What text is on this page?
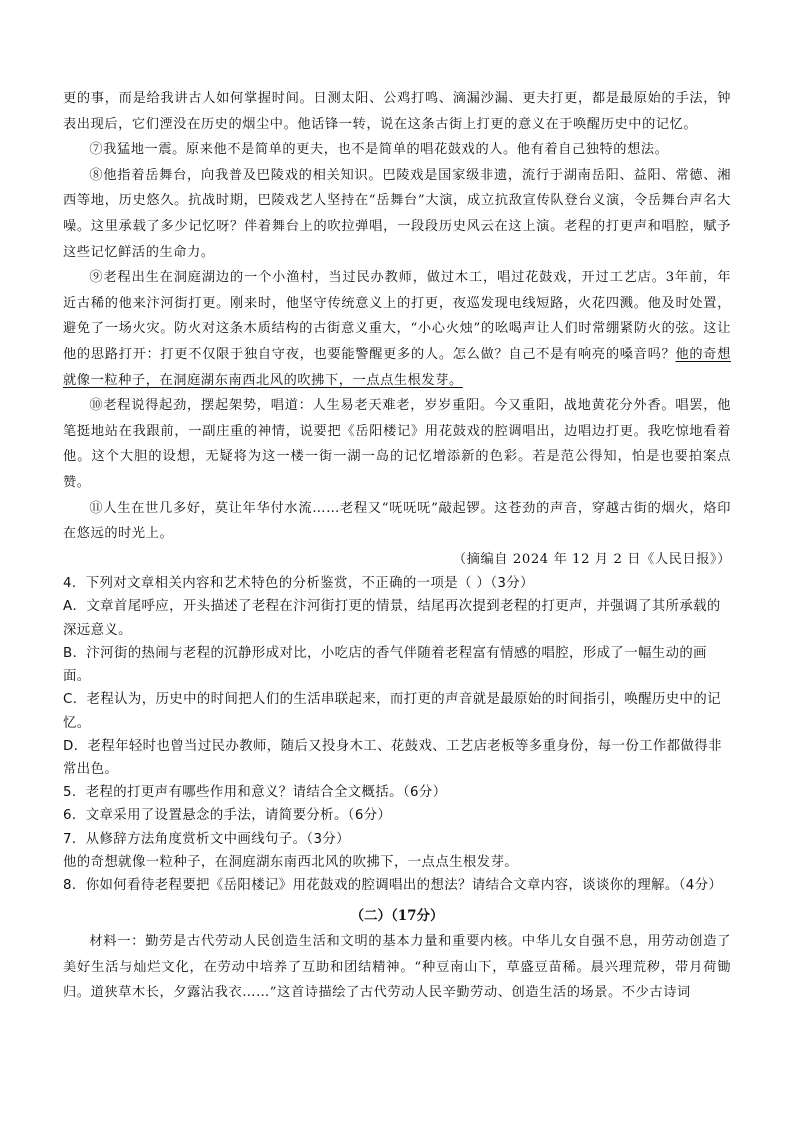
更的事，而是给我讲古人如何掌握时间。日测太阳、公鸡打鸣、滴漏沙漏、更夫打更，都是最原始的手法，钟表出现后，它们湮没在历史的烟尘中。他话锋一转，说在这条古街上打更的意义在于唤醒历史中的记忆。

⑦我猛地一震。原来他不是简单的更夫，也不是简单的唱花鼓戏的人。他有着自己独特的想法。

⑧他指着岳舞台，向我普及巴陵戏的相关知识。巴陵戏是国家级非遗，流行于湖南岳阳、益阳、常德、湘西等地，历史悠久。抗战时期，巴陵戏艺人坚持在“岳舞台”大演，成立抗敌宣传队登台义演，令岳舞台声名大噪。这里承载了多少记忆呀？伴着舞台上的吹拉弹唱，一段段历史风云在这上演。老程的打更声和唱腔，赋予这些记忆鲜活的生命力。

⑨老程出生在洞庭湖边的一个小渔村，当过民办教师，做过木工，唱过花鼓戏，开过工艺店。3年前，年近古稀的他来汴河街打更。刚来时，他坚守传统意义上的打更，夜巡发现电线短路，火花四溅。他及时处置，避免了一场火灾。防火对这条木质结构的古街意义重大，“小心火烛”的吆喝声让人们时常绷紧防火的弦。这让他的思路打开：打更不仅限于独自守夜，也要能警醒更多的人。怎么做？自己不是有响亮的嗓音吗？他的奇想就像一粒种子，在洞庭湖东南西北风的吹拂下，一点点生根发芽。

⑩老程说得起劲，摆起架势，唱道：人生易老天难老，岁岁重阳。今又重阳，战地黄花分外香。唱罢，他笔挺地站在我跟前，一副庄重的神情，说要把《岳阳楼记》用花鼓戏的腔调唱出，边唱边打更。我吃惊地看着他。这个大胆的设想，无疑将为这一楼一街一湖一岛的记忆增添新的色彩。若是范公得知，怕是也要拍案点赞。

⑪人生在世几多好，莫让年华付水流……老程又“呒呒呒”敲起锣。这苍劲的声音，穿越古街的烟火，烙印在悠远的时光上。

（摘编自 2024 年 12 月 2 日《人民日报》）

4．下列对文章相关内容和艺术特色的分析鉴赏，不正确的一项是（ ）（3分）

A．文章首尾呼应，开头描述了老程在汴河街打更的情景，结尾再次提到老程的打更声，并强调了其所承载的深远意义。

B．汴河街的热闹与老程的沉静形成对比，小吃店的香气伴随着老程富有情感的唱腔，形成了一幅生动的画面。

C．老程认为，历史中的时间把人们的生活串联起来，而打更的声音就是最原始的时间指引，唤醒历史中的记忆。

D．老程年轻时也曾当过民办教师，随后又投身木工、花鼓戏、工艺店老板等多重身份，每一份工作都做得非常出色。

5．老程的打更声有哪些作用和意义？请结合全文概括。（6分）

6．文章采用了设置悬念的手法，请简要分析。（6分）

7．从修辞方法角度赏析文中画线句子。（3分）

他的奇想就像一粒种子，在洞庭湖东南西北风的吹拂下，一点点生根发芽。

8．你如何看待老程要把《岳阳楼记》用花鼓戏的腔调唱出的想法？请结合文章内容，谈谈你的理解。（4分）

（二）（17分）

材料一：勤劳是古代劳动人民创造生活和文明的基本力量和重要内核。中华儿女自强不息，用劳动创造了美好生活与灿烂文化，在劳动中培养了互助和团结精神。“种豆南山下，草盛豆苗稀。晨兴理荒秽，带月荷锄归。道狭草木长，夕露沾我衣……”这首诗描绘了古代劳动人民辛勤劳动、创造生活的场景。不少古诗词
